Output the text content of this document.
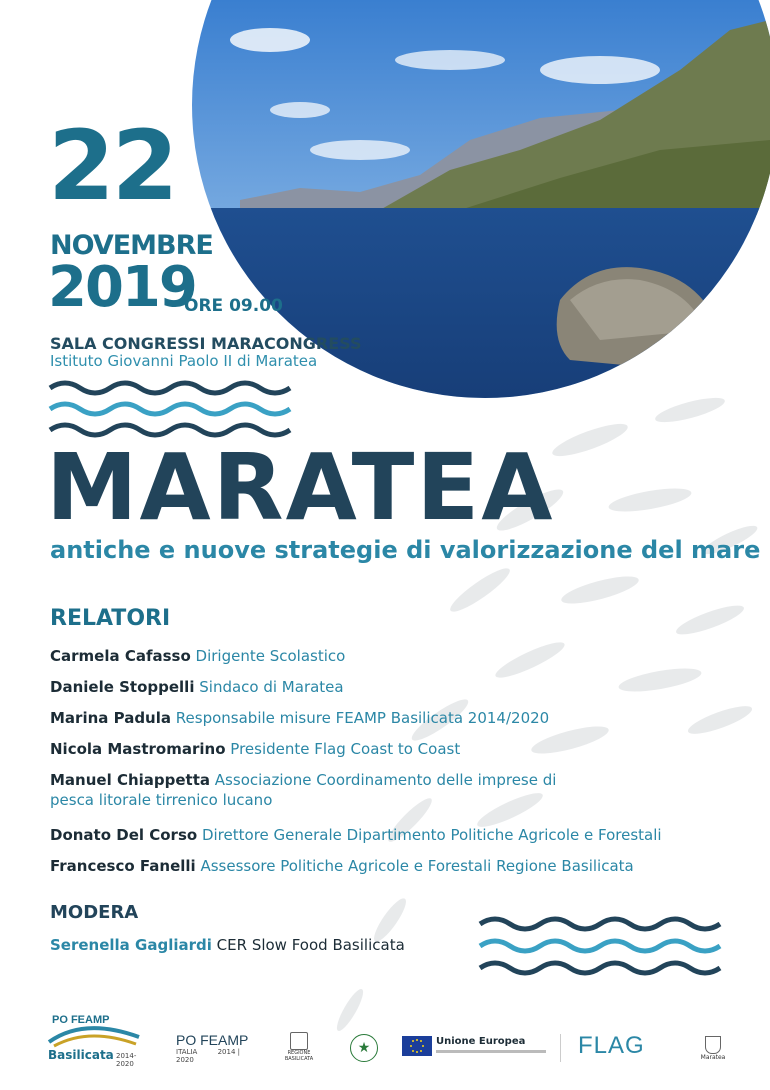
22
NOVEMBRE
2019
ORE 09.00
SALA CONGRESSI MARACONGRESS
Istituto Giovanni Paolo II di Maratea
MARATEA
antiche e nuove strategie di valorizzazione del mare
RELATORI
Carmela Cafasso Dirigente Scolastico
Daniele Stoppelli Sindaco di Maratea
Marina Padula Responsabile misure FEAMP Basilicata 2014/2020
Nicola Mastromarino Presidente Flag Coast to Coast
Manuel Chiappetta Associazione Coordinamento delle imprese di
pesca litorale tirrenico lucano
Donato Del Corso Direttore Generale Dipartimento Politiche Agricole e Forestali
Francesco Fanelli Assessore Politiche Agricole e Forestali Regione Basilicata
MODERA
Serenella Gagliardi CER Slow Food Basilicata
PO FEAMP
Basilicata 2014-2020
PO FEAMP
ITALIA	2014 | 2020
REGIONE BASILICATA
★	Unione Europea FLAG	Maratea
